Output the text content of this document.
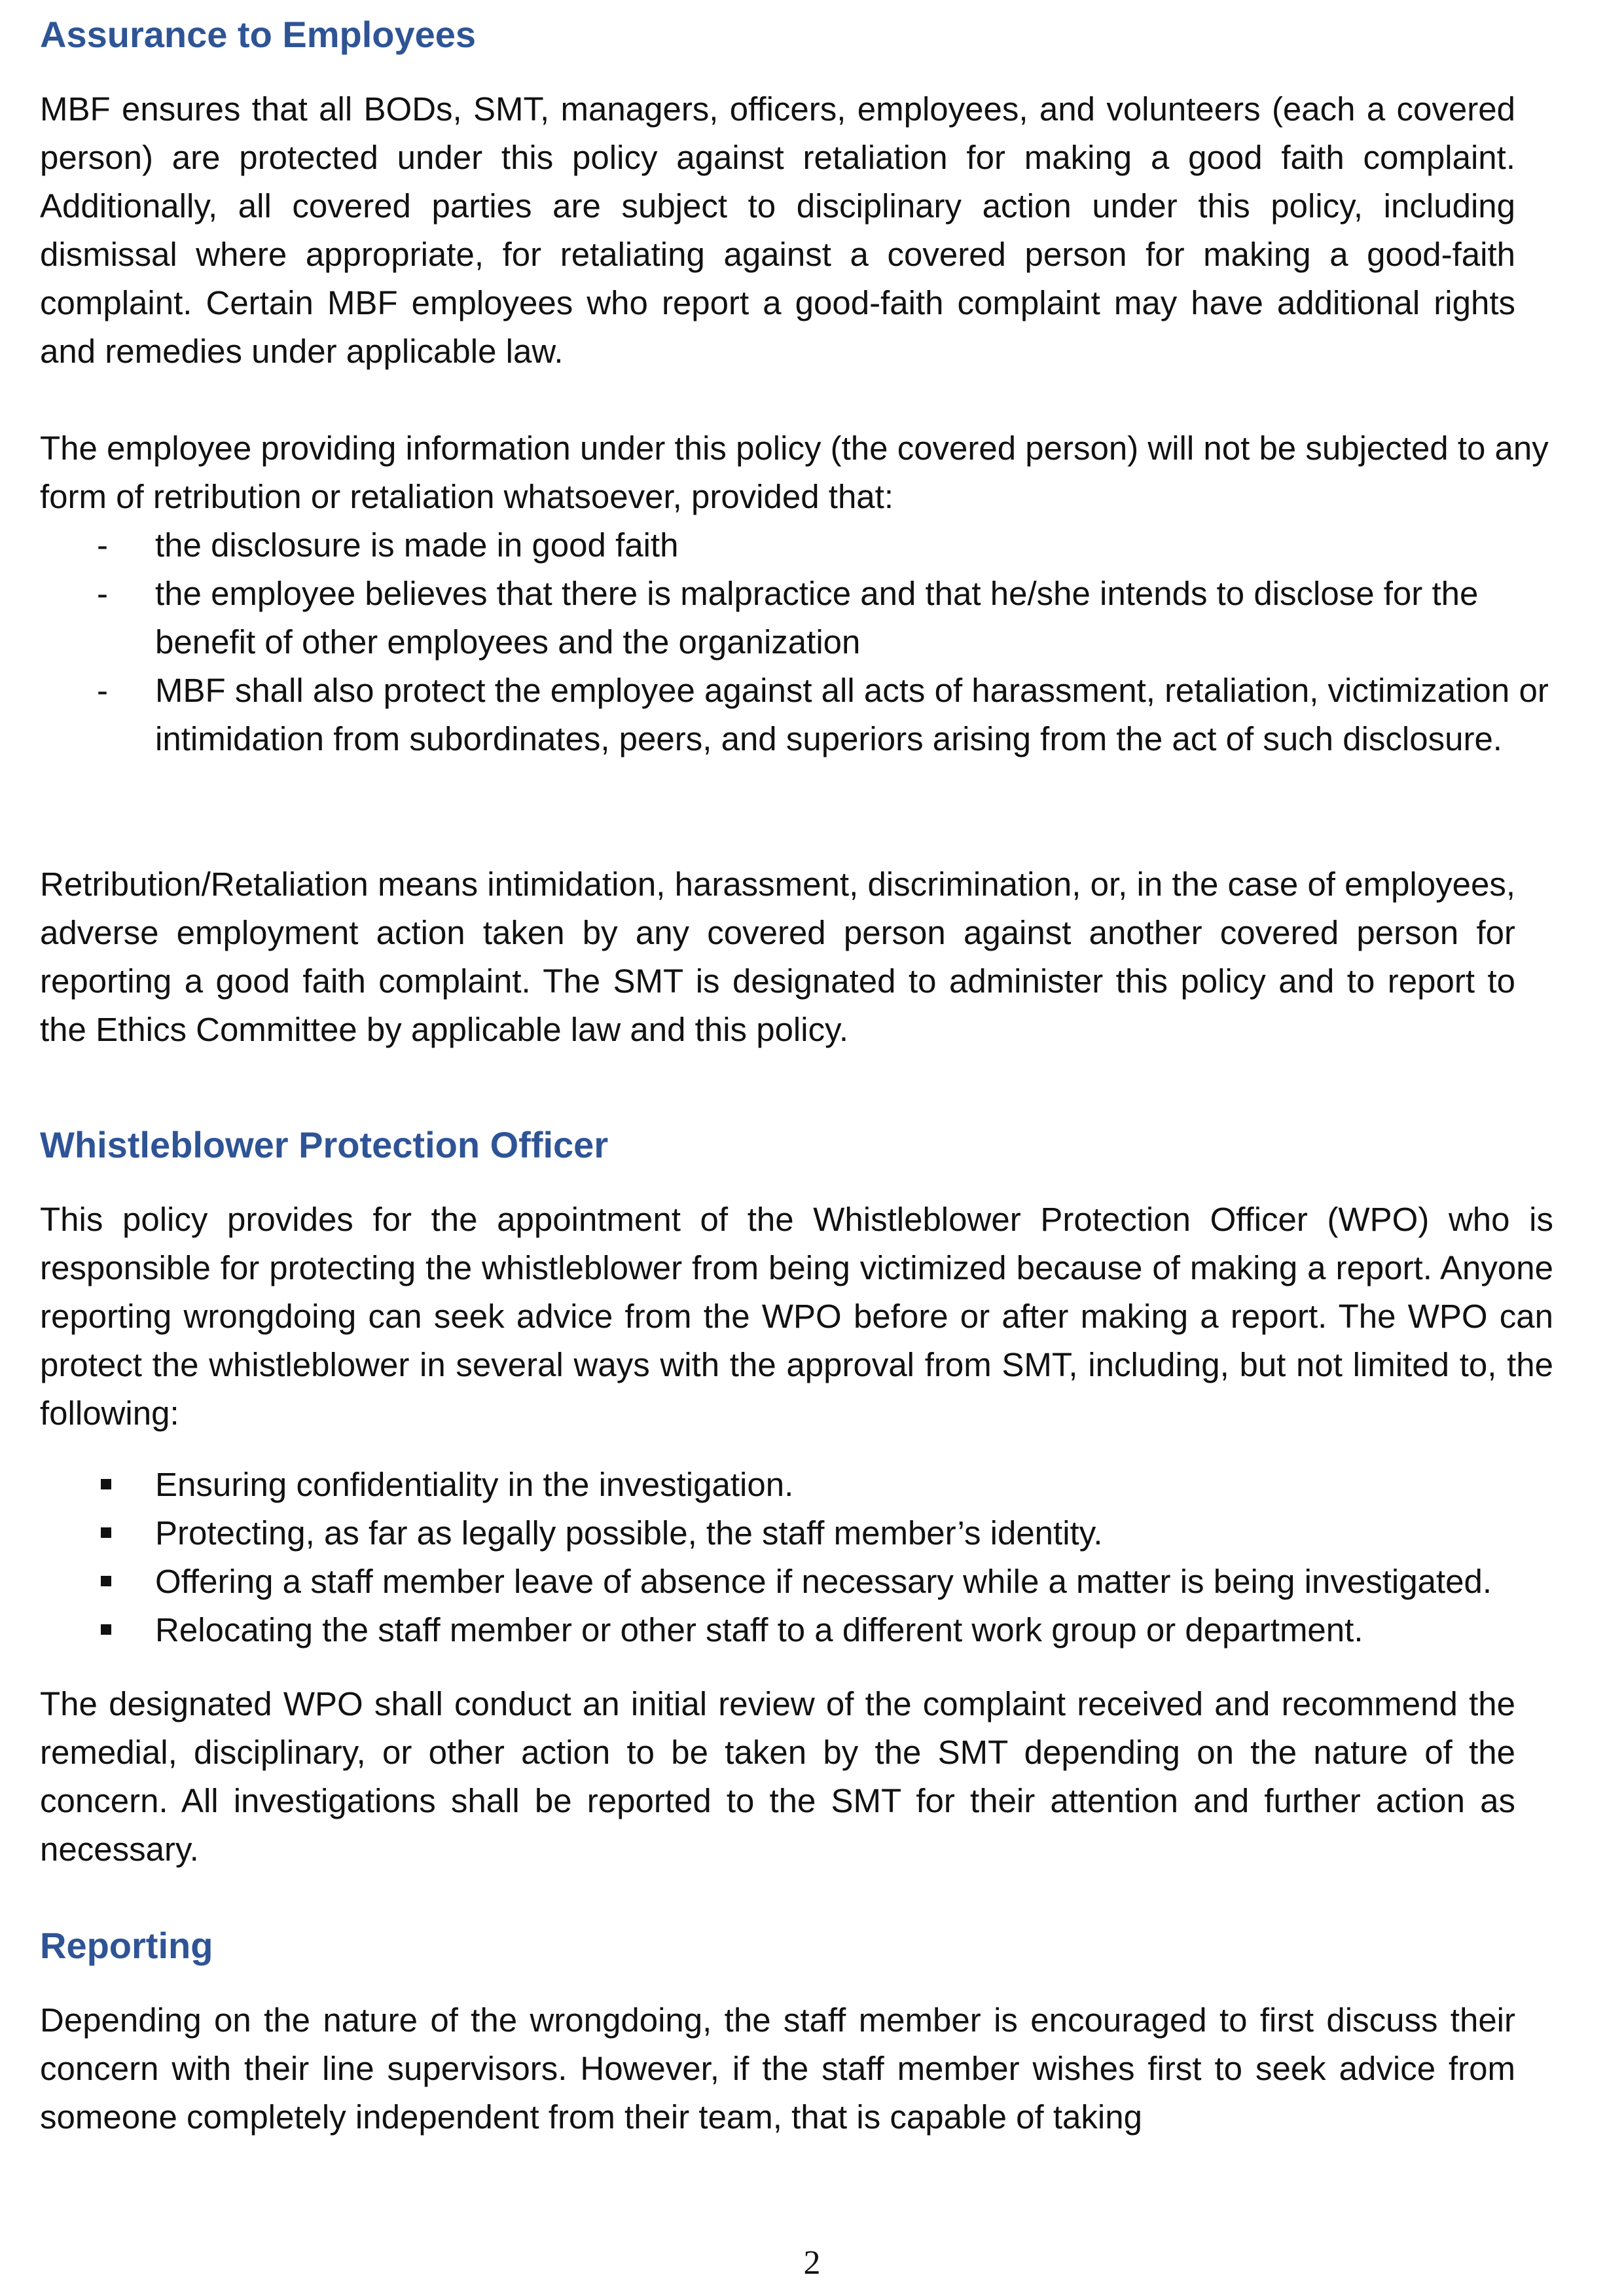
Assurance to Employees

MBF ensures that all BODs, SMT, managers, officers, employees, and volunteers (each a covered person) are protected under this policy against retaliation for making a good faith complaint. Additionally, all covered parties are subject to disciplinary action under this policy, including dismissal where appropriate, for retaliating against a covered person for making a good-faith complaint. Certain MBF employees who report a good-faith complaint may have additional rights and remedies under applicable law.

The employee providing information under this policy (the covered person) will not be subjected to any form of retribution or retaliation whatsoever, provided that:

- the disclosure is made in good faith
- the employee believes that there is malpractice and that he/she intends to disclose for the benefit of other employees and the organization
- MBF shall also protect the employee against all acts of harassment, retaliation, victimization or intimidation from subordinates, peers, and superiors arising from the act of such disclosure.

Retribution/Retaliation means intimidation, harassment, discrimination, or, in the case of employees, adverse employment action taken by any covered person against another covered person for reporting a good faith complaint. The SMT is designated to administer this policy and to report to the Ethics Committee by applicable law and this policy.

Whistleblower Protection Officer

This policy provides for the appointment of the Whistleblower Protection Officer (WPO) who is responsible for protecting the whistleblower from being victimized because of making a report. Anyone reporting wrongdoing can seek advice from the WPO before or after making a report. The WPO can protect the whistleblower in several ways with the approval from SMT, including, but not limited to, the following:

Ensuring confidentiality in the investigation.
Protecting, as far as legally possible, the staff member’s identity.
Offering a staff member leave of absence if necessary while a matter is being investigated.
Relocating the staff member or other staff to a different work group or department.

The designated WPO shall conduct an initial review of the complaint received and recommend the remedial, disciplinary, or other action to be taken by the SMT depending on the nature of the concern. All investigations shall be reported to the SMT for their attention and further action as necessary.

Reporting

Depending on the nature of the wrongdoing, the staff member is encouraged to first discuss their concern with their line supervisors. However, if the staff member wishes first to seek advice from someone completely independent from their team, that is capable of taking

2
